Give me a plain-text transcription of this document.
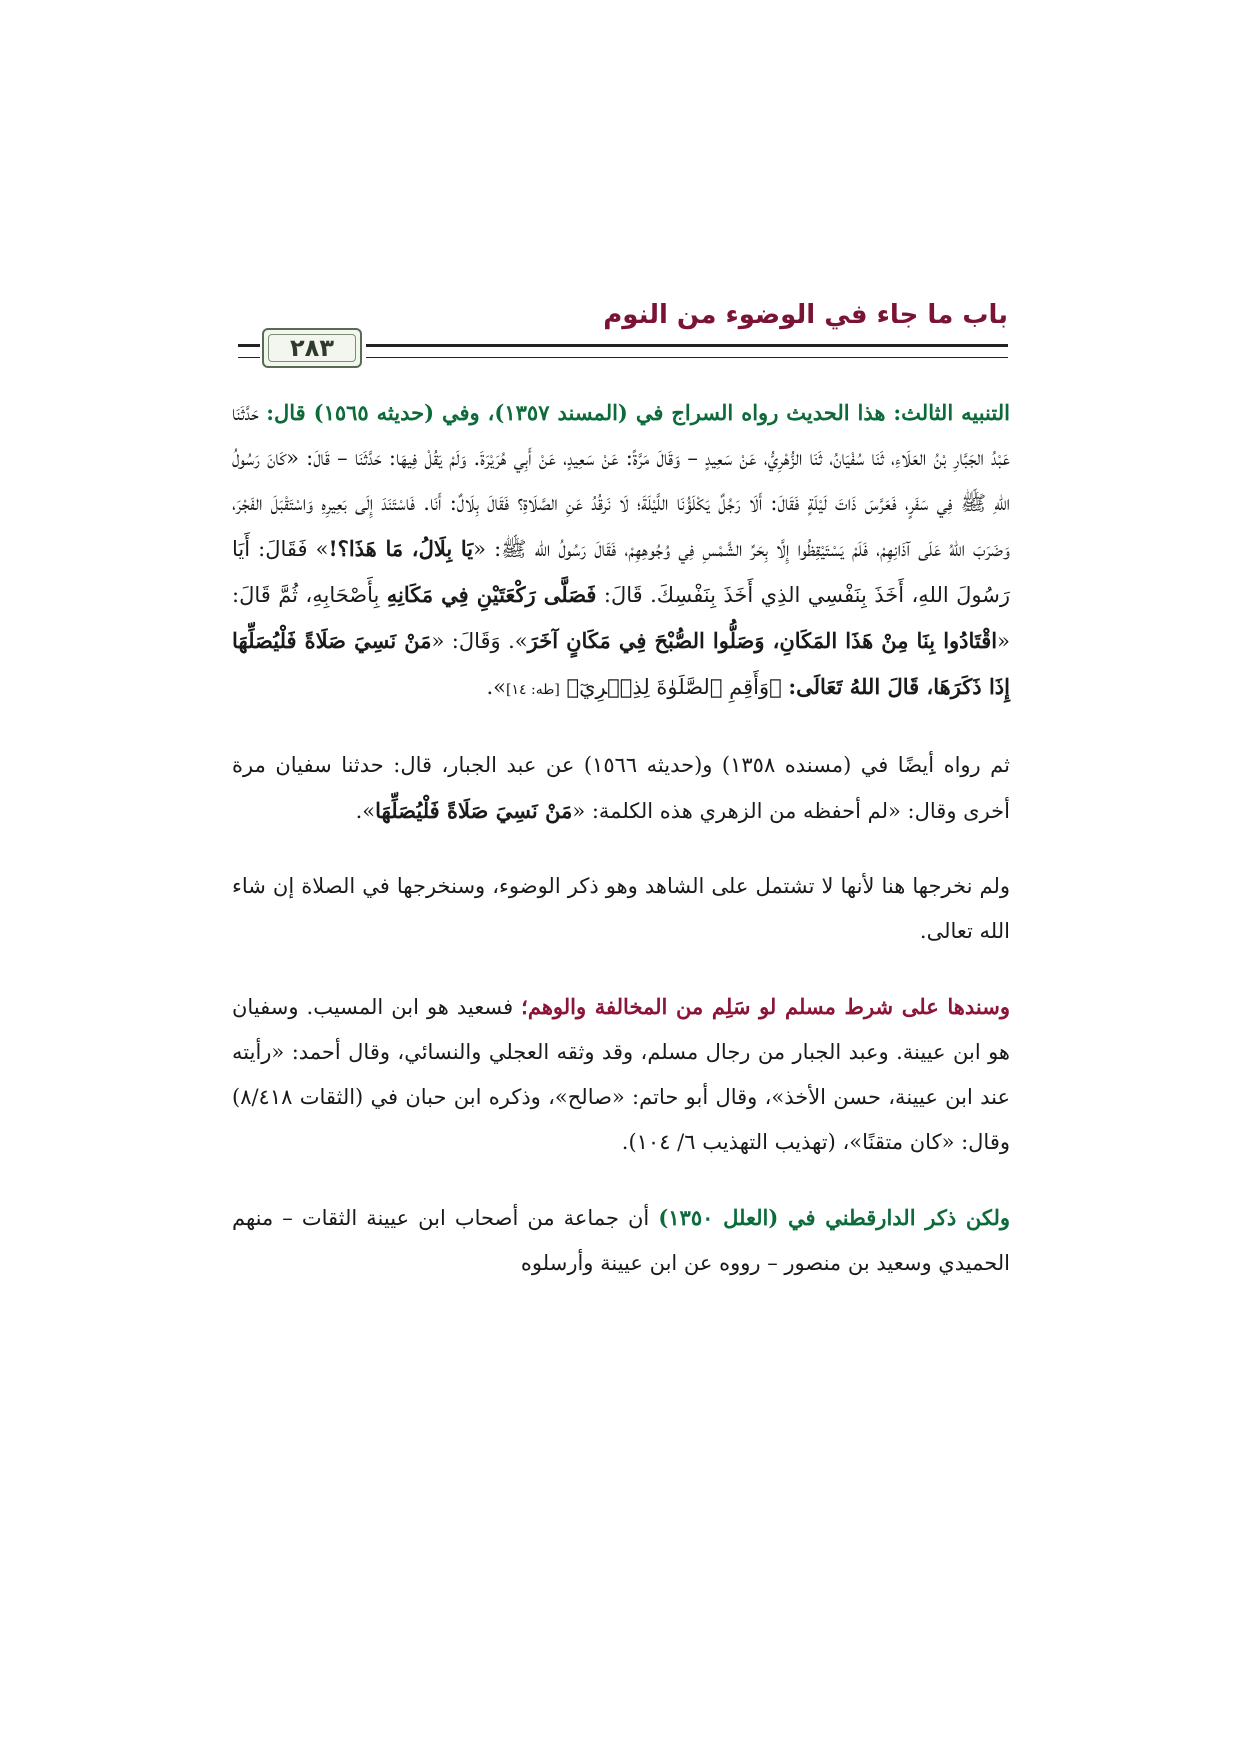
باب ما جاء في الوضوء من النوم
٢٨٣

التنبيه الثالث: هذا الحديث رواه السراج في (المسند ١٣٥٧)، وفي (حديثه ١٥٦٥) قال: حَدَّثَنَا عَبْدُ الجَبَّارِ بْنُ العَلَاءِ، ثَنَا سُفْيَانُ، ثَنَا الزُّهْرِيُّ، عَنْ سَعِيدٍ – وَقَالَ مَرَّةً: عَنْ سَعِيدٍ، عَنْ أَبِي هُرَيْرَةَ. وَلَمْ يَقُلْ فِيهَا: حَدَّثَنَا – قَالَ: «كَانَ رَسُولُ اللهِ ﷺ فِي سَفَرٍ، فَعَرَّسَ ذَاتَ لَيْلَةٍ فَقَالَ: أَلَا رَجُلٌ يَكْلَؤُنَا اللَّيْلَةَ؛ لَا نَرقُدُ عَنِ الصَّلَاةِ؟ فَقَالَ بِلَالٌ: أَنَا. فَاسْتَنَدَ إِلَى بَعِيرِهِ وَاسْتَقْبَلَ الفَجْرَ، وَضَرَبَ اللهُ عَلَى آذَانِهِمْ، فَلَمْ يَسْتَيْقِظُوا إِلَّا بِحَرِّ الشَّمْسِ فِي وُجُوهِهِمْ، فَقَالَ رَسُولُ الله ﷺ: «يَا بِلَالُ، مَا هَذَا؟!» فَقَالَ: أَيَا رَسُولَ اللهِ، أَخَذَ بِنَفْسِي الذِي أَخَذَ بِنَفْسِكَ. قَالَ: فَصَلَّى رَكْعَتَيْنِ فِي مَكَانِهِ بِأَصْحَابِهِ، ثُمَّ قَالَ: «اقْتَادُوا بِنَا مِنْ هَذَا المَكَانِ، وَصَلُّوا الصُّبْحَ فِي مَكَانٍ آخَرَ». وَقَالَ: «مَنْ نَسِيَ صَلَاةً فَلْيُصَلِّهَا إِذَا ذَكَرَهَا، قَالَ اللهُ تَعَالَى: ﴿وَأَقِمِ ٱلصَّلَوٰةَ لِذِكۡرِيٓ﴾ [طه: ١٤]».

ثم رواه أيضًا في (مسنده ١٣٥٨) و(حديثه ١٥٦٦) عن عبد الجبار، قال: حدثنا سفيان مرة أخرى وقال: «لم أحفظه من الزهري هذه الكلمة: «مَنْ نَسِيَ صَلَاةً فَلْيُصَلِّهَا».

ولم نخرجها هنا لأنها لا تشتمل على الشاهد وهو ذكر الوضوء، وسنخرجها في الصلاة إن شاء الله تعالى.

وسندها على شرط مسلم لو سَلِم من المخالفة والوهم؛ فسعيد هو ابن المسيب. وسفيان هو ابن عيينة. وعبد الجبار من رجال مسلم، وقد وثقه العجلي والنسائي، وقال أحمد: «رأيته عند ابن عيينة، حسن الأخذ»، وقال أبو حاتم: «صالح»، وذكره ابن حبان في (الثقات ٨/٤١٨) وقال: «كان متقنًا»، (تهذيب التهذيب ٦/ ١٠٤).

ولكن ذكر الدارقطني في (العلل ١٣٥٠) أن جماعة من أصحاب ابن عيينة الثقات – منهم الحميدي وسعيد بن منصور – رووه عن ابن عيينة وأرسلوه
